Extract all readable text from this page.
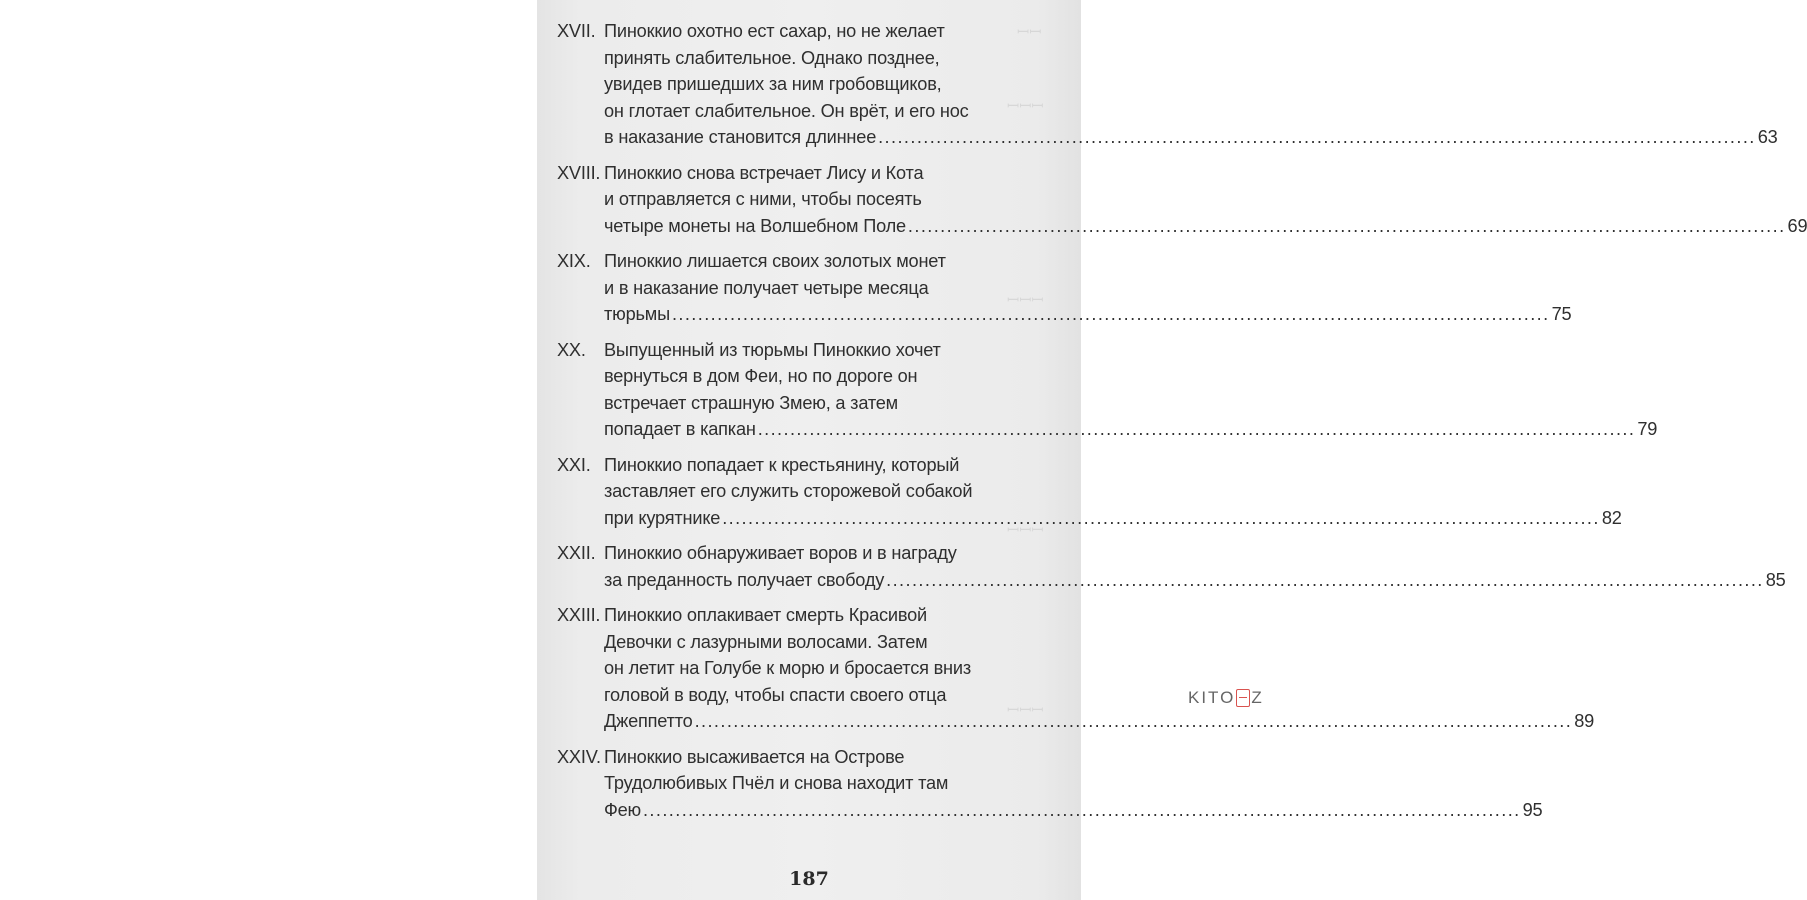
ꟷꟷ
ꟷꟷꟷ
ꟷꟷꟷ
ꟷꟷꟷ
ꟷꟷꟷ
XVII. Пиноккио охотно ест сахар, но не желает
принять слабительное. Однако позднее,
увидев пришедших за ним гробовщиков,
он глотает слабительное. Он врёт, и его нос
в наказание становится длиннее .....	63
XVIII. Пиноккио снова встречает Лису и Кота
и отправляется с ними, чтобы посеять
четыре монеты на Волшебном Поле .....	69
XIX. Пиноккио лишается своих золотых монет
и в наказание получает четыре месяца
тюрьмы .....	75
XX.	Выпущенный из тюрьмы Пиноккио хочет
вернуться в дом Феи, но по дороге он
встречает страшную Змею, а затем
попадает в капкан .....	79
XXI. Пиноккио попадает к крестьянину, который
заставляет его служить сторожевой собакой
при курятнике .....	82
XXII. Пиноккио обнаруживает воров и в награду
за преданность получает свободу .....	85
XXIII. Пиноккио оплакивает смерть Красивой
Девочки с лазурными волосами. Затем
он летит на Голубе к морю и бросается вниз
головой в воду, чтобы спасти своего отца
Джеппетто .....	89
XXIV. Пиноккио высаживается на Острове
Трудолюбивых Пчёл и снова находит там
Фею .....	95
187
KITO Z
